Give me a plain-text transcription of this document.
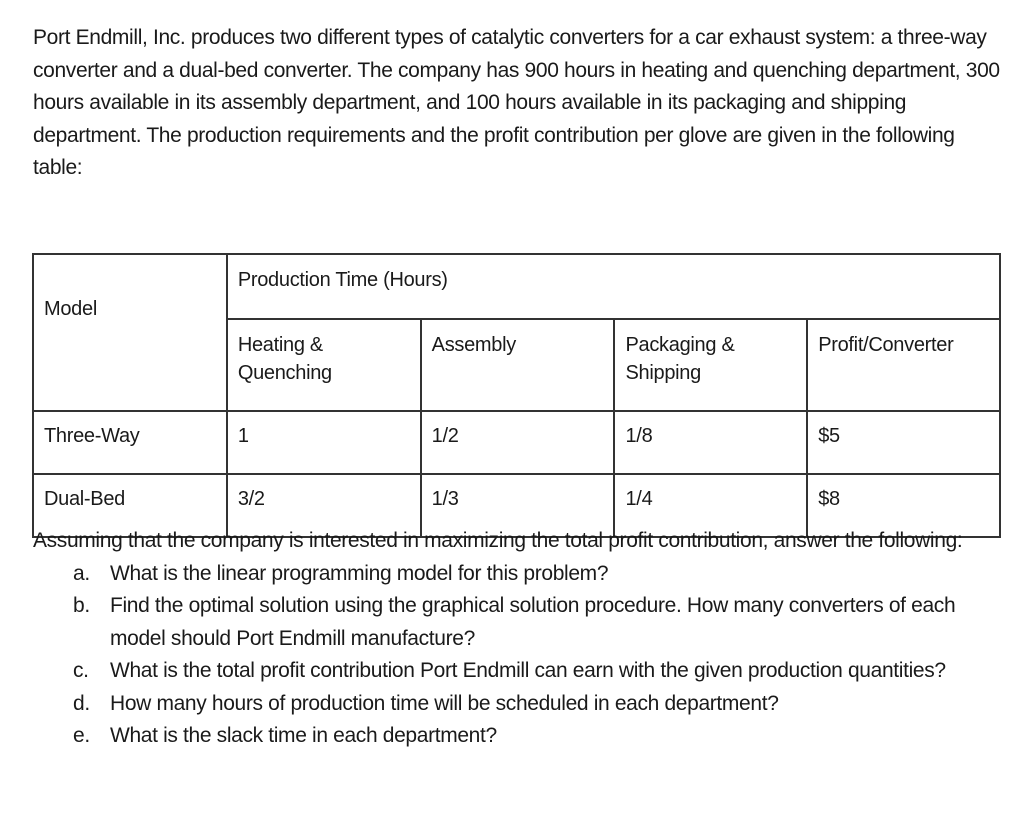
Port Endmill, Inc. produces two different types of catalytic converters for a car exhaust system: a three-way converter and a dual-bed converter. The company has 900 hours in heating and quenching department, 300 hours available in its assembly department, and 100 hours available in its packaging and shipping department. The production requirements and the profit contribution per glove are given in the following table:

Model	Production Time (Hours)			
	Heating & Quenching	Assembly	Packaging & Shipping	Profit/Converter
Three-Way	1	1/2	1/8	$5
Dual-Bed	3/2	1/3	1/4	$8

Assuming that the company is interested in maximizing the total profit contribution, answer the following:

a. What is the linear programming model for this problem?
b. Find the optimal solution using the graphical solution procedure. How many converters of each model should Port Endmill manufacture?
c.	What is the total profit contribution Port Endmill can earn with the given production quantities?
d. How many hours of production time will be scheduled in each department?
e. What is the slack time in each department?
